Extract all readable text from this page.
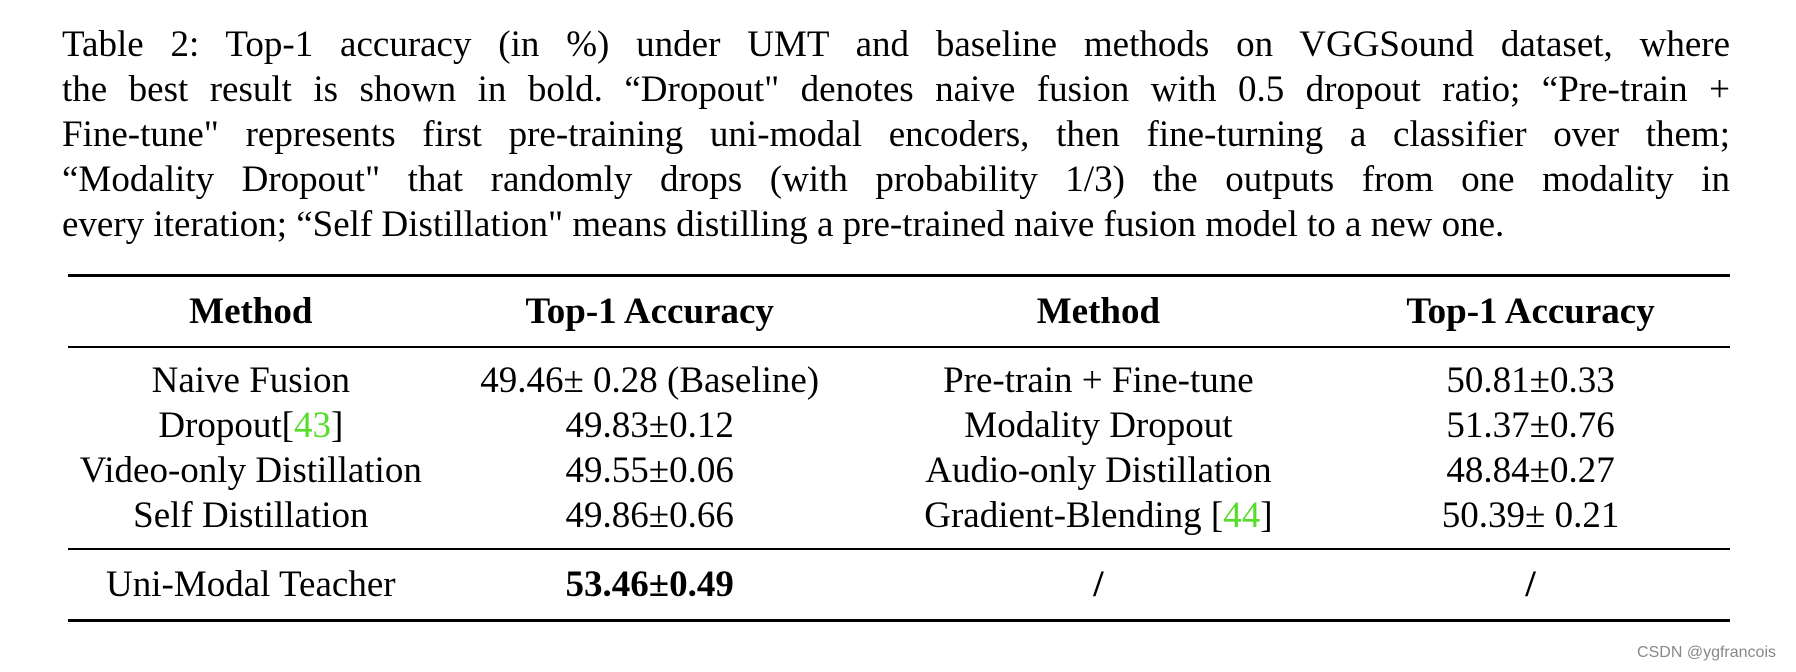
Table 2: Top-1 accuracy (in %) under UMT and baseline methods on VGGSound dataset, where
the best result is shown in bold. “Dropout" denotes naive fusion with 0.5 dropout ratio; “Pre-train +
Fine-tune" represents first pre-training uni-modal encoders, then fine-turning a classifier over them;
“Modality Dropout" that randomly drops (with probability 1/3) the outputs from one modality in
every iteration; “Self Distillation" means distilling a pre-trained naive fusion model to a new one.
Method	Top-1 Accuracy	Method	Top-1 Accuracy
Naive Fusion	49.46± 0.28 (Baseline)	Pre-train + Fine-tune	50.81±0.33
Dropout[43]	49.83±0.12	Modality Dropout	51.37±0.76
Video-only Distillation	49.55±0.06	Audio-only Distillation	48.84±0.27
Self Distillation	49.86±0.66	Gradient-Blending [44]	50.39± 0.21
Uni-Modal Teacher	53.46±0.49	/	/
CSDN @ygfrancois
